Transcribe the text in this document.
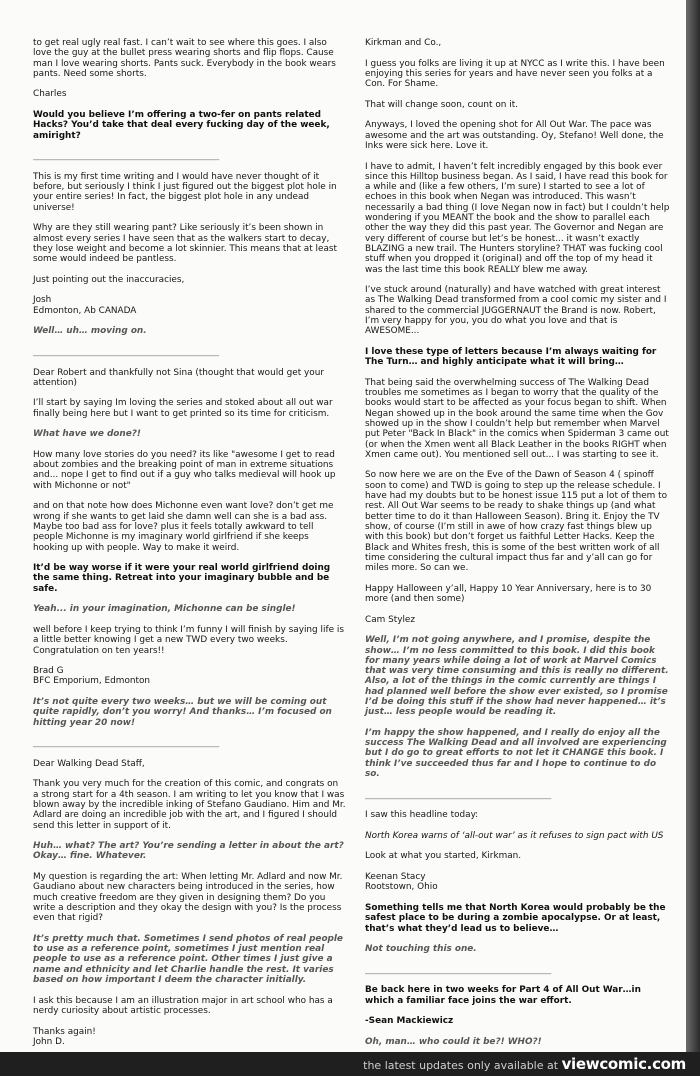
to get real ugly real fast. I can’t wait to see where this goes. I also love the guy at the bullet press wearing shorts and flip flops. Cause man I love wearing shorts. Pants suck. Everybody in the book wears pants. Need some shorts.

Charles

Would you believe I’m offering a two-fer on pants related Hacks? You’d take that deal every fucking day of the week, amiright?

______________________________________________

This is my first time writing and I would have never thought of it before, but seriously I think I just figured out the biggest plot hole in your entire series! In fact, the biggest plot hole in any undead universe!

Why are they still wearing pant? Like seriously it’s been shown in almost every series I have seen that as the walkers start to decay, they lose weight and become a lot skinnier. This means that at least some would indeed be pantless.

Just pointing out the inaccuracies,

Josh
Edmonton, Ab CANADA

Well… uh… moving on.

______________________________________________

Dear Robert and thankfully not Sina (thought that would get your attention)

I’ll start by saying Im loving the series and stoked about all out war finally being here but I want to get printed so its time for criticism.

What have we done?!

How many love stories do you need? its like "awesome I get to read about zombies and the breaking point of man in extreme situations and... nope I get to find out if a guy who talks medieval will hook up with Michonne or not"

and on that note how does Michonne even want love? don’t get me wrong if she wants to get laid she damn well can she is a bad ass. Maybe too bad ass for love? plus it feels totally awkward to tell people Michonne is my imaginary world girlfriend if she keeps hooking up with people. Way to make it weird.

It’d be way worse if it were your real world girlfriend doing the same thing. Retreat into your imaginary bubble and be safe.

Yeah... in your imagination, Michonne can be single!

well before I keep trying to think I’m funny I will finish by saying life is a little better knowing I get a new TWD every two weeks. Congratulation on ten years!!

Brad G
BFC Emporium, Edmonton

It’s not quite every two weeks… but we will be coming out quite rapidly, don’t you worry! And thanks… I’m focused on hitting year 20 now!

______________________________________________

Dear Walking Dead Staff,

Thank you very much for the creation of this comic, and congrats on a strong start for a 4th season. I am writing to let you know that I was blown away by the incredible inking of Stefano Gaudiano. Him and Mr. Adlard are doing an incredible job with the art, and I figured I should send this letter in support of it.

Huh… what? The art? You’re sending a letter in about the art? Okay… fine. Whatever.

My question is regarding the art: When letting Mr. Adlard and now Mr. Gaudiano about new characters being introduced in the series, how much creative freedom are they given in designing them? Do you write a description and they okay the design with you? Is the process even that rigid?

It’s pretty much that. Sometimes I send photos of real people to use as a reference point, sometimes I just mention real people to use as a reference point. Other times I just give a name and ethnicity and let Charlie handle the rest. It varies based on how important I deem the character initially.

I ask this because I am an illustration major in art school who has a nerdy curiosity about artistic processes.

Thanks again!
John D.

Kirkman and Co.,

I guess you folks are living it up at NYCC as I write this. I have been enjoying this series for years and have never seen you folks at a Con. For Shame.

That will change soon, count on it.

Anyways, I loved the opening shot for All Out War. The pace was awesome and the art was outstanding. Oy, Stefano! Well done, the Inks were sick here. Love it.

I have to admit, I haven’t felt incredibly engaged by this book ever since this Hilltop business began. As I said, I have read this book for a while and (like a few others, I’m sure) I started to see a lot of echoes in this book when Negan was introduced. This wasn’t necessarily a bad thing (I love Negan now in fact) but I couldn’t help wondering if you MEANT the book and the show to parallel each other the way they did this past year. The Governor and Negan are very different of course but let’s be honest... it wasn’t exactly BLAZING a new trail. The Hunters storyline? THAT was fucking cool stuff when you dropped it (original) and off the top of my head it was the last time this book REALLY blew me away.

I’ve stuck around (naturally) and have watched with great interest as The Walking Dead transformed from a cool comic my sister and I shared to the commercial JUGGERNAUT the Brand is now. Robert, I’m very happy for you, you do what you love and that is AWESOME...

I love these type of letters because I’m always waiting for The Turn… and highly anticipate what it will bring…

That being said the overwhelming success of The Walking Dead troubles me sometimes as I began to worry that the quality of the books would start to be affected as your focus began to shift. When Negan showed up in the book around the same time when the Gov showed up in the show I couldn’t help but remember when Marvel put Peter "Back In Black" in the comics when Spiderman 3 came out (or when the Xmen went all Black Leather in the books RIGHT when Xmen came out). You mentioned sell out... I was starting to see it.

So now here we are on the Eve of the Dawn of Season 4 ( spinoff soon to come) and TWD is going to step up the release schedule. I have had my doubts but to be honest issue 115 put a lot of them to rest. All Out War seems to be ready to shake things up (and what better time to do it than Halloween Season). Bring it. Enjoy the TV show, of course (I’m still in awe of how crazy fast things blew up with this book) but don’t forget us faithful Letter Hacks. Keep the Black and Whites fresh, this is some of the best written work of all time considering the cultural impact thus far and y’all can go for miles more. So can we.

Happy Halloween y’all, Happy 10 Year Anniversary, here is to 30 more (and then some)

Cam Stylez

Well, I’m not going anywhere, and I promise, despite the show… I’m no less committed to this book. I did this book for many years while doing a lot of work at Marvel Comics that was very time consuming and this is really no different. Also, a lot of the things in the comic currently are things I had planned well before the show ever existed, so I promise I’d be doing this stuff if the show had never happened… it’s just… less people would be reading it.

I’m happy the show happened, and I really do enjoy all the success The Walking Dead and all involved are experiencing but I do go to great efforts to not let it CHANGE this book. I think I’ve succeeded thus far and I hope to continue to do so.

______________________________________________

I saw this headline today:

North Korea warns of ‘all-out war’ as it refuses to sign pact with US

Look at what you started, Kirkman.

Keenan Stacy
Rootstown, Ohio

Something tells me that North Korea would probably be the safest place to be during a zombie apocalypse. Or at least, that’s what they’d lead us to believe…

Not touching this one.

______________________________________________

Be back here in two weeks for Part 4 of All Out War…in which a familiar face joins the war effort.

-Sean Mackiewicz

Oh, man… who could it be?! WHO?!

the latest updates only available at viewcomic.com
